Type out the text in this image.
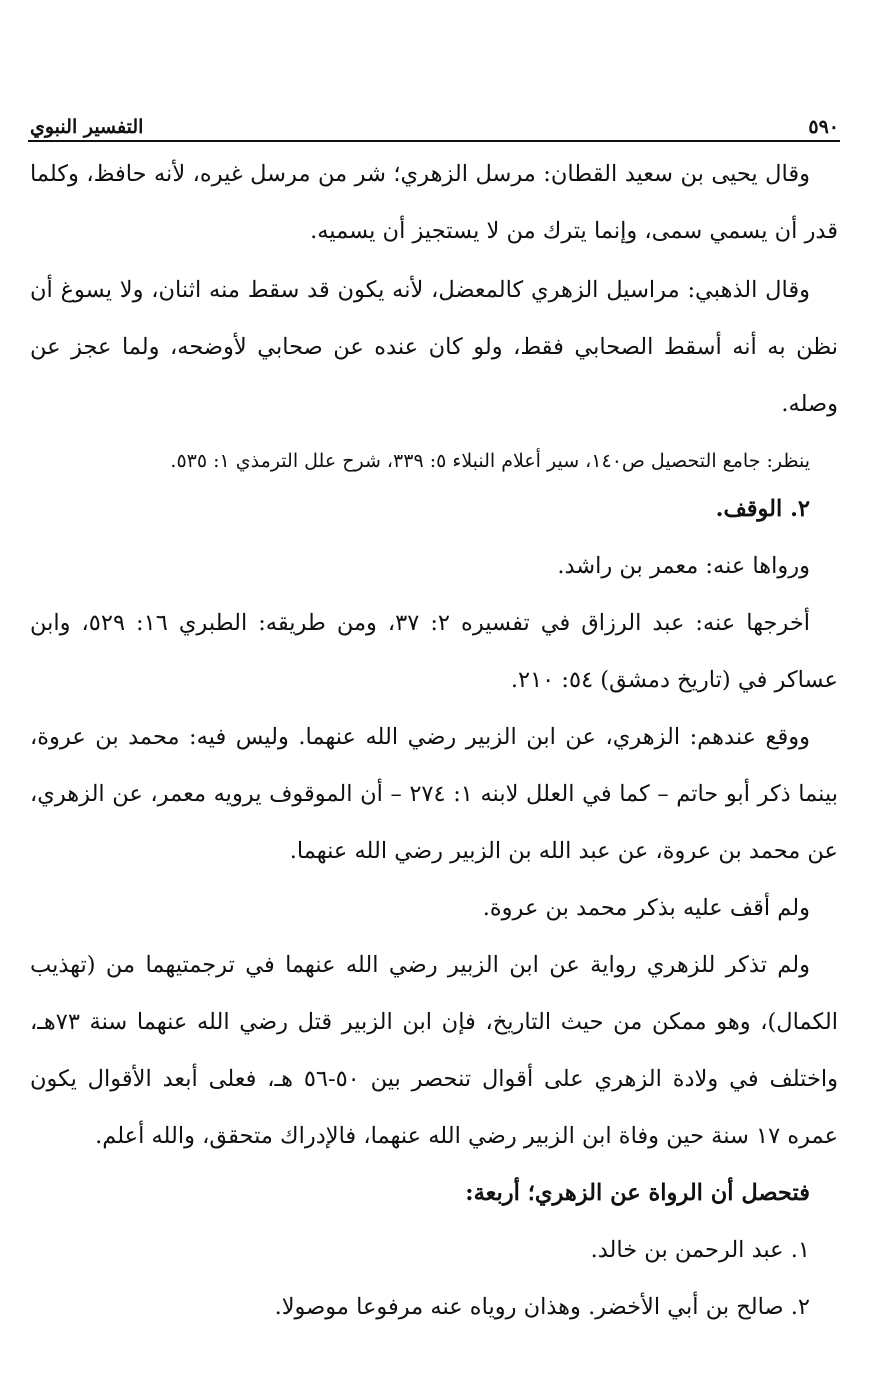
٥٩٠
التفسير النبوي

وقال يحيى بن سعيد القطان: مرسل الزهري؛ شر من مرسل غيره، لأنه حافظ، وكلما قدر أن يسمي سمى، وإنما يترك من لا يستجيز أن يسميه.

وقال الذهبي: مراسيل الزهري كالمعضل، لأنه يكون قد سقط منه اثنان، ولا يسوغ أن نظن به أنه أسقط الصحابي فقط، ولو كان عنده عن صحابي لأوضحه، ولما عجز عن وصله.

ينظر: جامع التحصيل ص١٤٠، سير أعلام النبلاء ٥: ٣٣٩، شرح علل الترمذي ١: ٥٣٥.

٢. الوقف.

ورواها عنه: معمر بن راشد.

أخرجها عنه: عبد الرزاق في تفسيره ٢: ٣٧، ومن طريقه: الطبري ١٦: ٥٢٩، وابن عساكر في (تاريخ دمشق) ٥٤: ٢١٠.

ووقع عندهم: الزهري، عن ابن الزبير رضي الله عنهما. وليس فيه: محمد بن عروة، بينما ذكر أبو حاتم – كما في العلل لابنه ١: ٢٧٤ – أن الموقوف يرويه معمر، عن الزهري، عن محمد بن عروة، عن عبد الله بن الزبير رضي الله عنهما.

ولم أقف عليه بذكر محمد بن عروة.

ولم تذكر للزهري رواية عن ابن الزبير رضي الله عنهما في ترجمتيهما من (تهذيب الكمال)، وهو ممكن من حيث التاريخ، فإن ابن الزبير قتل رضي الله عنهما سنة ٧٣هـ، واختلف في ولادة الزهري على أقوال تنحصر بين ٥٠-٥٦ هـ، فعلى أبعد الأقوال يكون عمره ١٧ سنة حين وفاة ابن الزبير رضي الله عنهما، فالإدراك متحقق، والله أعلم.

فتحصل أن الرواة عن الزهري؛ أربعة:

١. عبد الرحمن بن خالد.

٢. صالح بن أبي الأخضر. وهذان روياه عنه مرفوعا موصولا.
